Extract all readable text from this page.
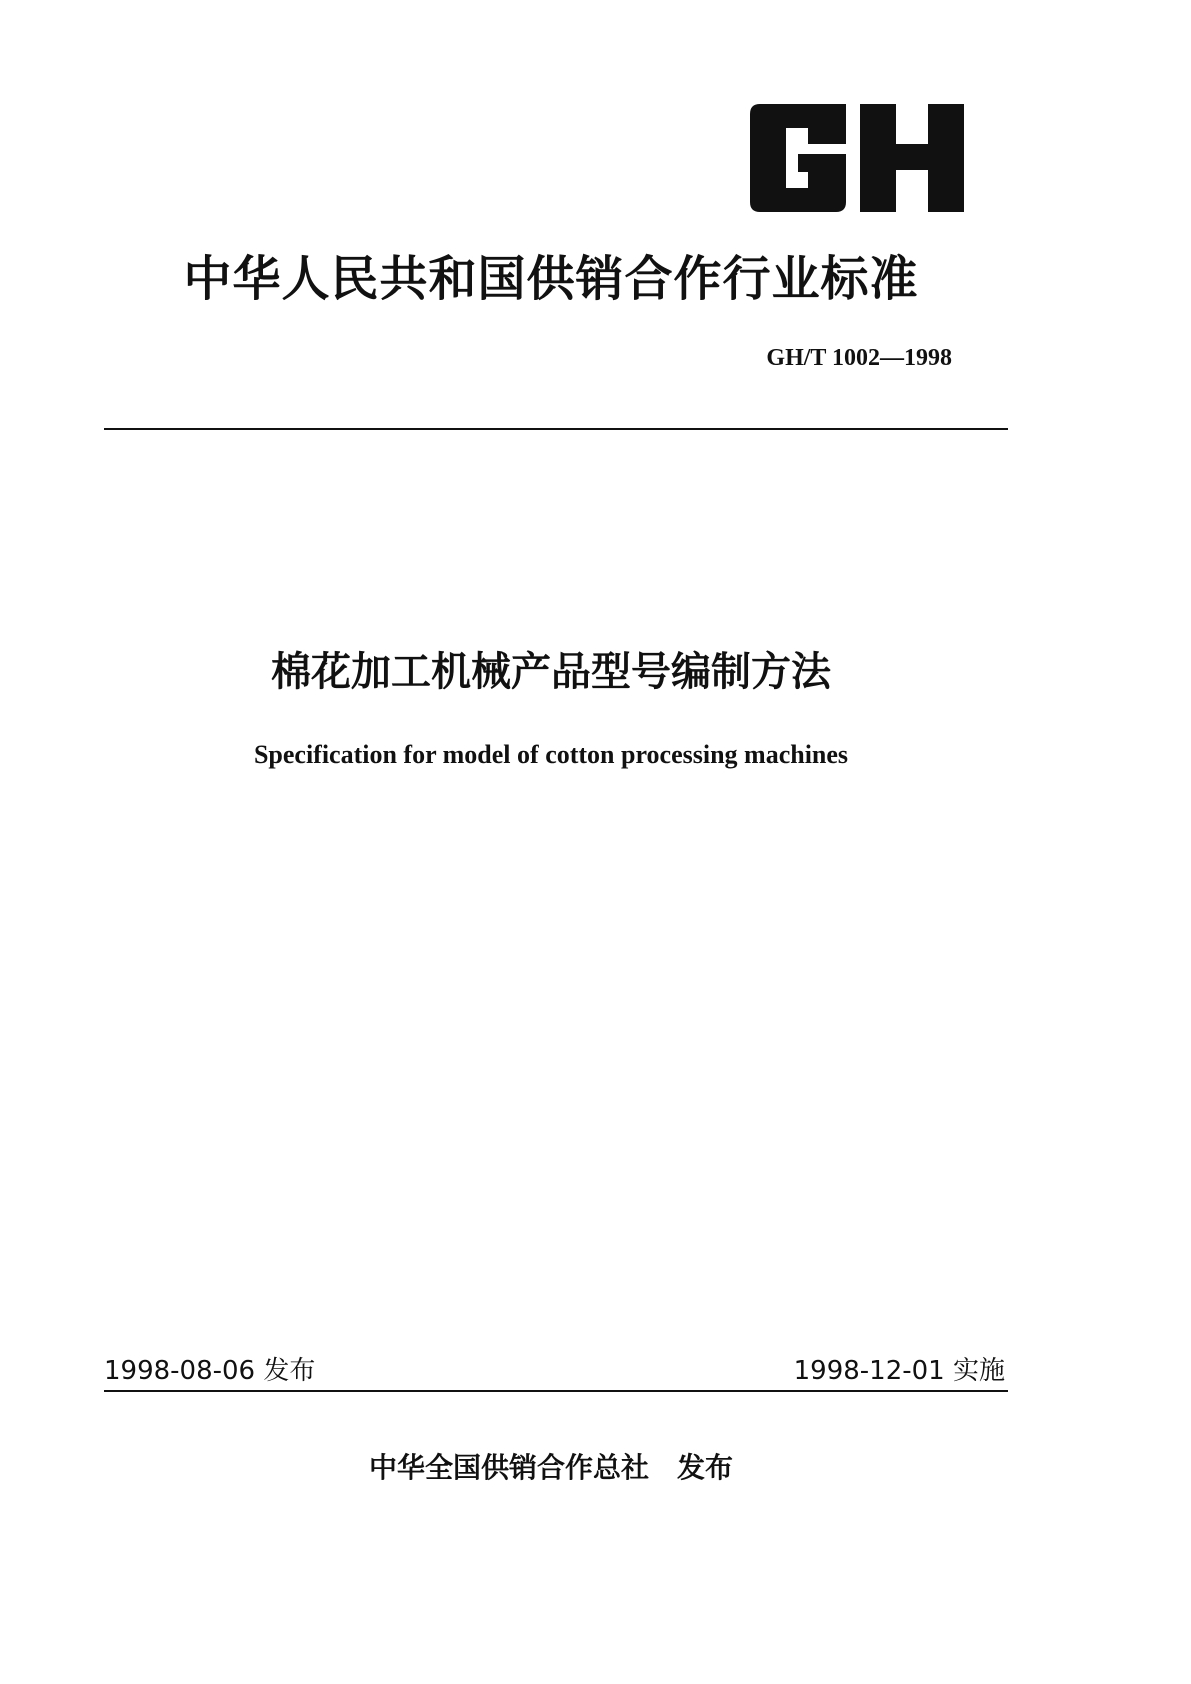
中华人民共和国供销合作行业标准
GH/T 1002—1998
棉花加工机械产品型号编制方法
Specification for model of cotton processing machines
1998-08-06 发布	1998-12-01 实施
中华全国供销合作总社　发布
